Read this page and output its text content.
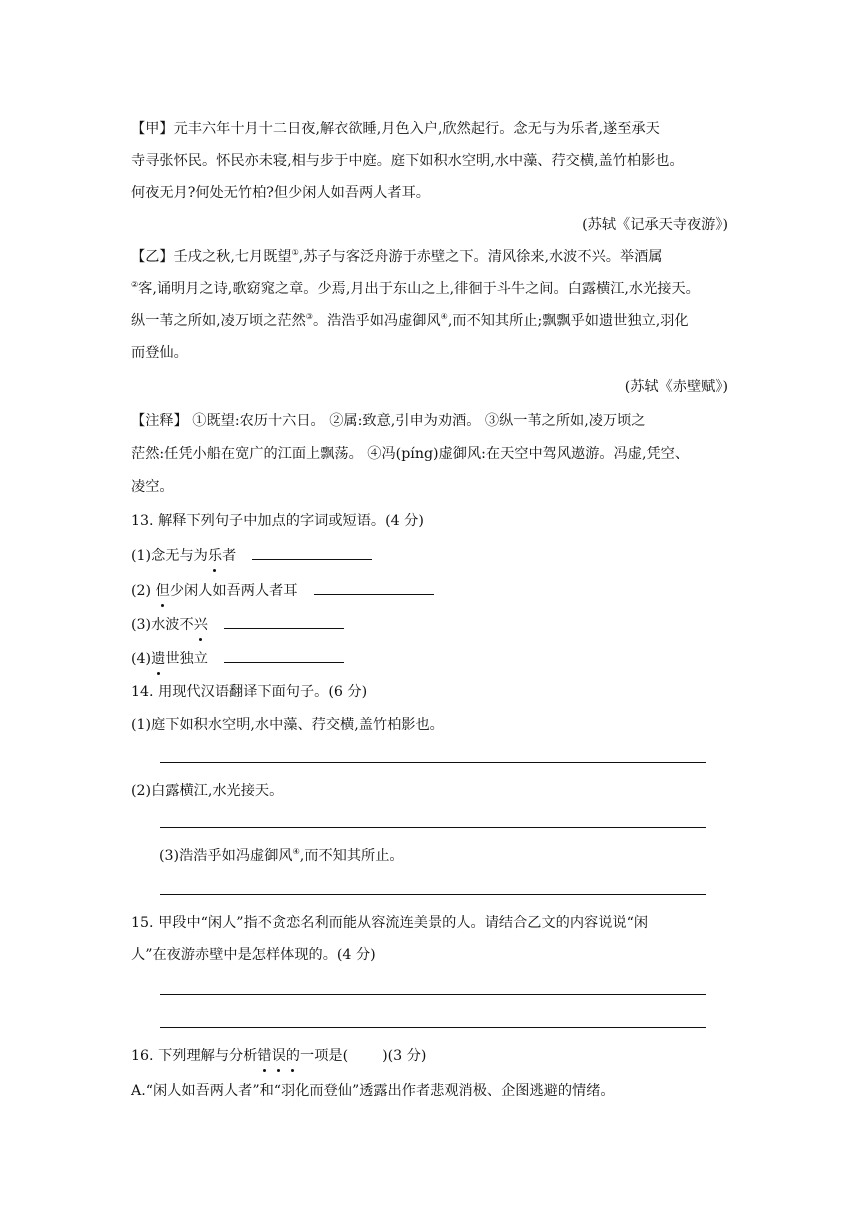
【甲】元丰六年十月十二日夜,解衣欲睡,月色入户,欣然起行。念无与为乐者,遂至承天
寺寻张怀民。怀民亦未寝,相与步于中庭。庭下如积水空明,水中藻、荇交横,盖竹柏影也。
何夜无月?何处无竹柏?但少闲人如吾两人者耳。
(苏轼《记承天寺夜游》)
【乙】壬戌之秋,七月既望①,苏子与客泛舟游于赤壁之下。清风徐来,水波不兴。举酒属
②客,诵明月之诗,歌窈窕之章。少焉,月出于东山之上,徘徊于斗牛之间。白露横江,水光接天。
纵一苇之所如,凌万顷之茫然③。浩浩乎如冯虚御风④,而不知其所止;飘飘乎如遗世独立,羽化
而登仙。
(苏轼《赤壁赋》)
【注释】 ①既望:农历十六日。 ②属:致意,引申为劝酒。 ③纵一苇之所如,凌万顷之
茫然:任凭小船在宽广的江面上飘荡。 ④冯(píng)虚御风:在天空中驾风遨游。冯虚,凭空、
凌空。
13. 解释下列句子中加点的字词或短语。(4 分)
(1)念无与为乐者
(2) 但少闲人如吾两人者耳
(3)水波不兴
(4)遗世独立
14. 用现代汉语翻译下面句子。(6 分)
(1)庭下如积水空明,水中藻、荇交横,盖竹柏影也。
(2)白露横江,水光接天。
(3)浩浩乎如冯虚御风④,而不知其所止。
15. 甲段中“闲人”指不贪恋名利而能从容流连美景的人。请结合乙文的内容说说“闲
人”在夜游赤壁中是怎样体现的。(4 分)
16. 下列理解与分析错误的一项是( )(3 分)
A.“闲人如吾两人者”和“羽化而登仙”透露出作者悲观消极、企图逃避的情绪。
